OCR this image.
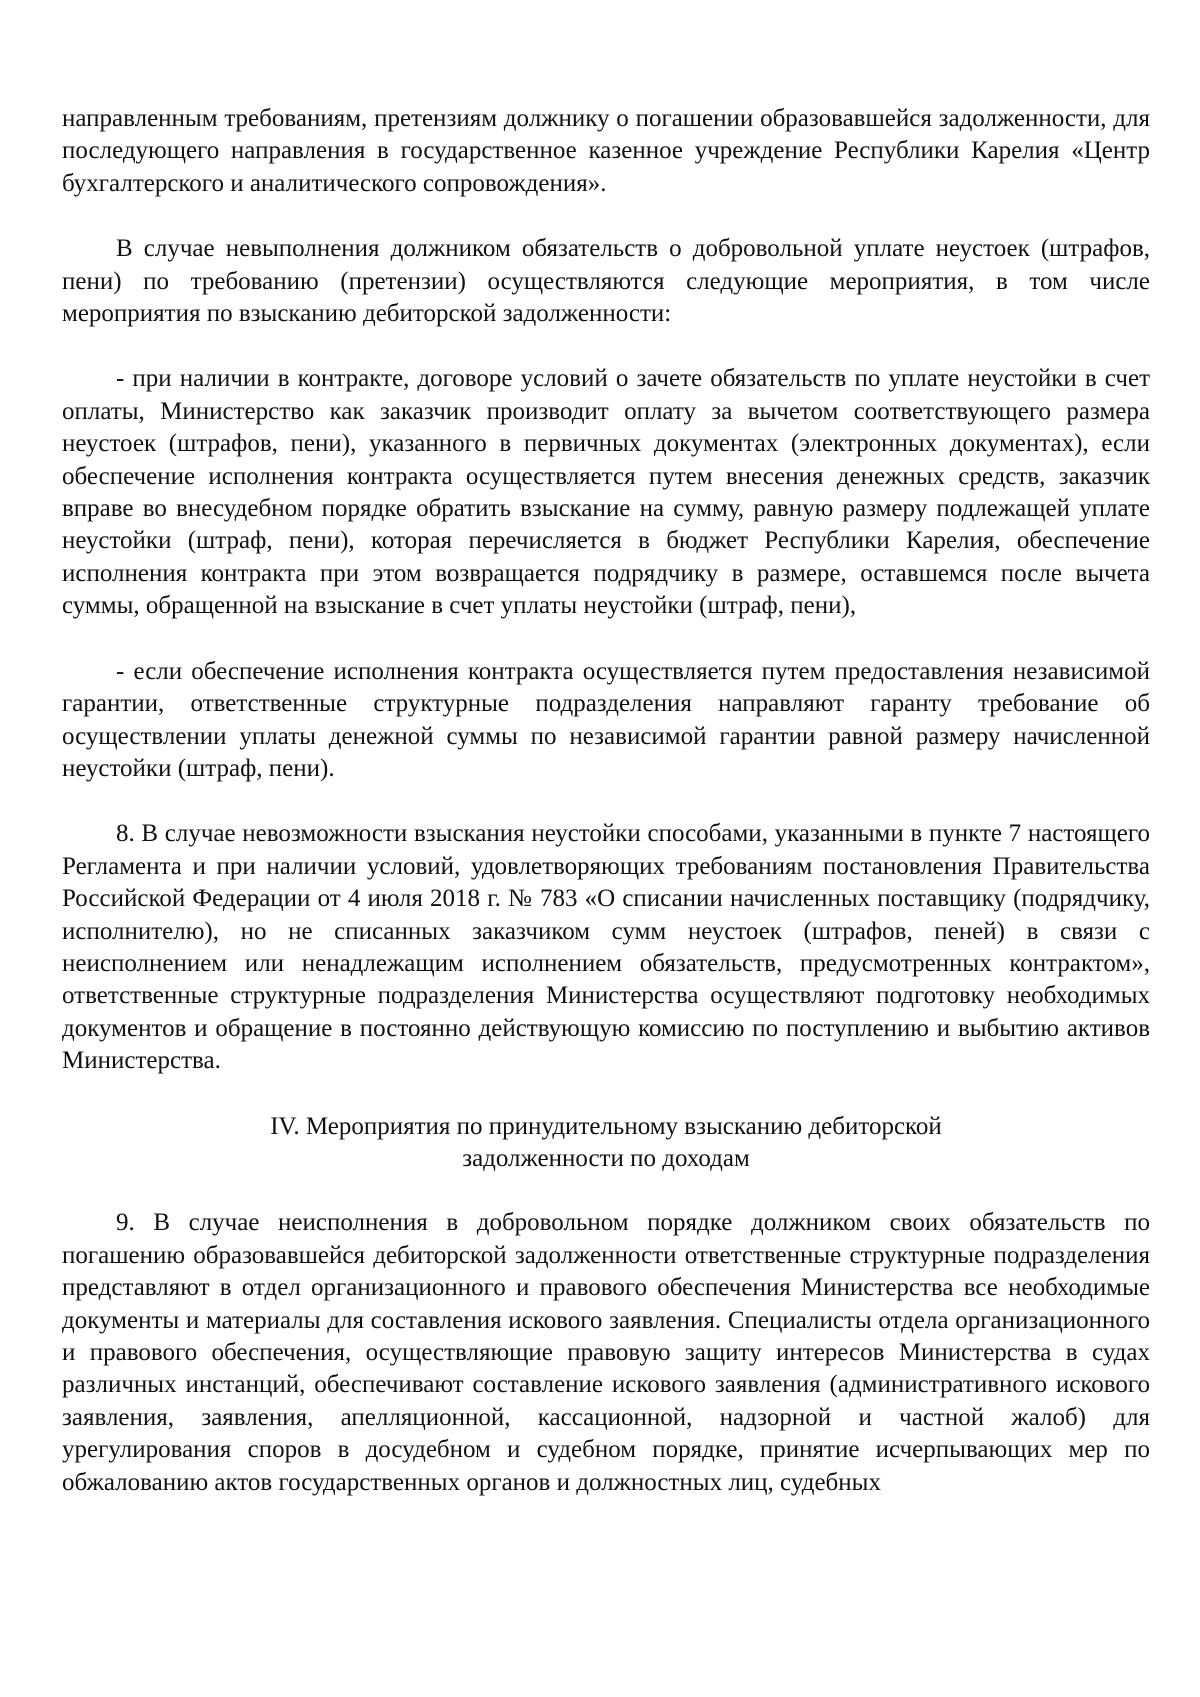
направленным требованиям, претензиям должнику о погашении образовавшейся задолженности, для последующего направления в государственное казенное учреждение Республики Карелия «Центр бухгалтерского и аналитического сопровождения».

В случае невыполнения должником обязательств о добровольной уплате неустоек (штрафов, пени) по требованию (претензии) осуществляются следующие мероприятия, в том числе мероприятия по взысканию дебиторской задолженности:

- при наличии в контракте, договоре условий о зачете обязательств по уплате неустойки в счет оплаты, Министерство как заказчик производит оплату за вычетом соответствующего размера неустоек (штрафов, пени), указанного в первичных документах (электронных документах), если обеспечение исполнения контракта осуществляется путем внесения денежных средств, заказчик вправе во внесудебном порядке обратить взыскание на сумму, равную размеру подлежащей уплате неустойки (штраф, пени), которая перечисляется в бюджет Республики Карелия, обеспечение исполнения контракта при этом возвращается подрядчику в размере, оставшемся после вычета суммы, обращенной на взыскание в счет уплаты неустойки (штраф, пени),

- если обеспечение исполнения контракта осуществляется путем предоставления независимой гарантии, ответственные структурные подразделения направляют гаранту требование об осуществлении уплаты денежной суммы по независимой гарантии равной размеру начисленной неустойки (штраф, пени).

8. В случае невозможности взыскания неустойки способами, указанными в пункте 7 настоящего Регламента и при наличии условий, удовлетворяющих требованиям постановления Правительства Российской Федерации от 4 июля 2018 г. № 783 «О списании начисленных поставщику (подрядчику, исполнителю), но не списанных заказчиком сумм неустоек (штрафов, пеней) в связи с неисполнением или ненадлежащим исполнением обязательств, предусмотренных контрактом», ответственные структурные подразделения Министерства осуществляют подготовку необходимых документов и обращение в постоянно действующую комиссию по поступлению и выбытию активов Министерства.

IV. Мероприятия по принудительному взысканию дебиторской
задолженности по доходам

9. В случае неисполнения в добровольном порядке должником своих обязательств по погашению образовавшейся дебиторской задолженности ответственные структурные подразделения представляют в отдел организационного и правового обеспечения Министерства все необходимые документы и материалы для составления искового заявления. Специалисты отдела организационного и правового обеспечения, осуществляющие правовую защиту интересов Министерства в судах различных инстанций, обеспечивают составление искового заявления (административного искового заявления, заявления, апелляционной, кассационной, надзорной и частной жалоб) для урегулирования споров в досудебном и судебном порядке, принятие исчерпывающих мер по обжалованию актов государственных органов и должностных лиц, судебных
